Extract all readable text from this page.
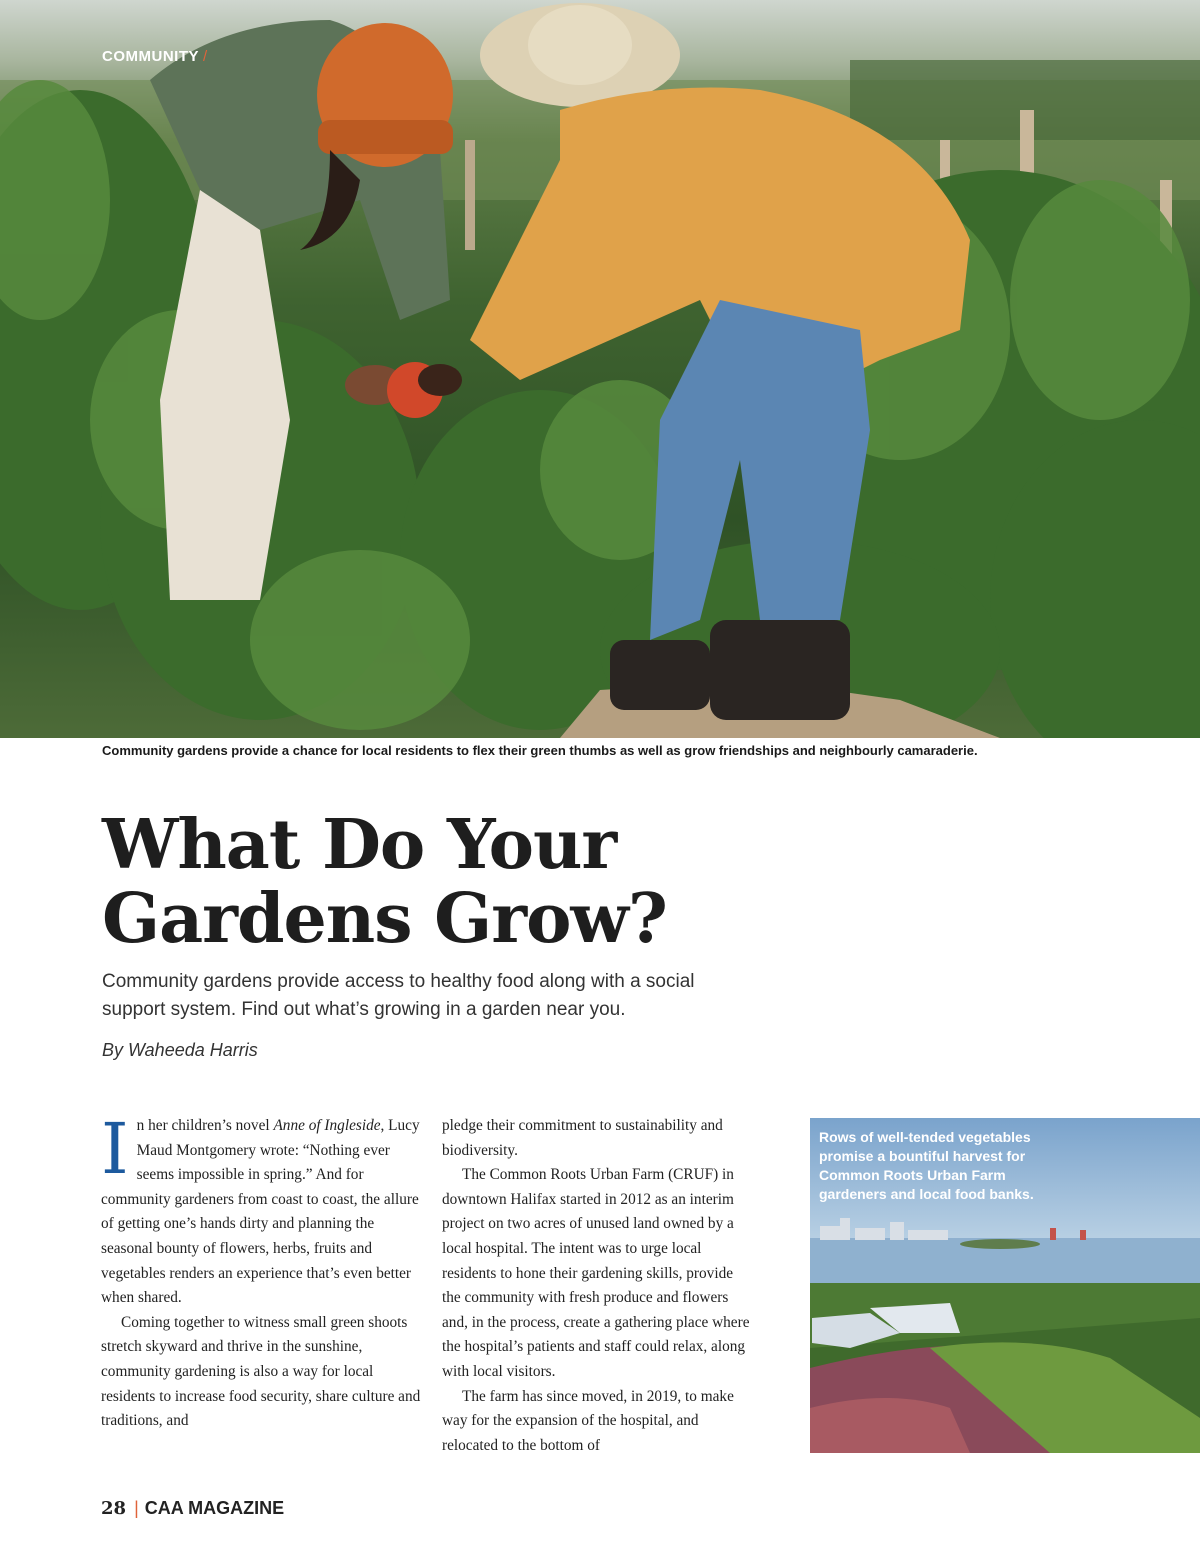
COMMUNITY /
Community gardens provide a chance for local residents to flex their green thumbs as well as grow friendships and neighbourly camaraderie.
What Do Your
Gardens Grow?
Community gardens provide access to healthy food along with a social support system. Find out what’s growing in a garden near you.
By Waheeda Harris

In her children’s novel Anne of Ingleside, Lucy Maud Montgomery wrote: “Nothing ever seems impossible in spring.” And for community gardeners from coast to coast, the allure of getting one’s hands dirty and planning the seasonal bounty of flowers, herbs, fruits and vegetables renders an experience that’s even better when shared.

Coming together to witness small green shoots stretch skyward and thrive in the sunshine, community gardening is also a way for local residents to increase food security, share culture and traditions, and

pledge their commitment to sustainability and biodiversity.

The Common Roots Urban Farm (CRUF) in downtown Halifax started in 2012 as an interim project on two acres of unused land owned by a local hospital. The intent was to urge local residents to hone their gardening skills, provide the community with fresh produce and flowers and, in the process, create a gathering place where the hospital’s patients and staff could relax, along with local visitors.

The farm has since moved, in 2019, to make way for the expansion of the hospital, and relocated to the bottom of

Rows of well-tended vegetables promise a bountiful harvest for Common Roots Urban Farm gardeners and local food banks.
28 | CAA MAGAZINE
